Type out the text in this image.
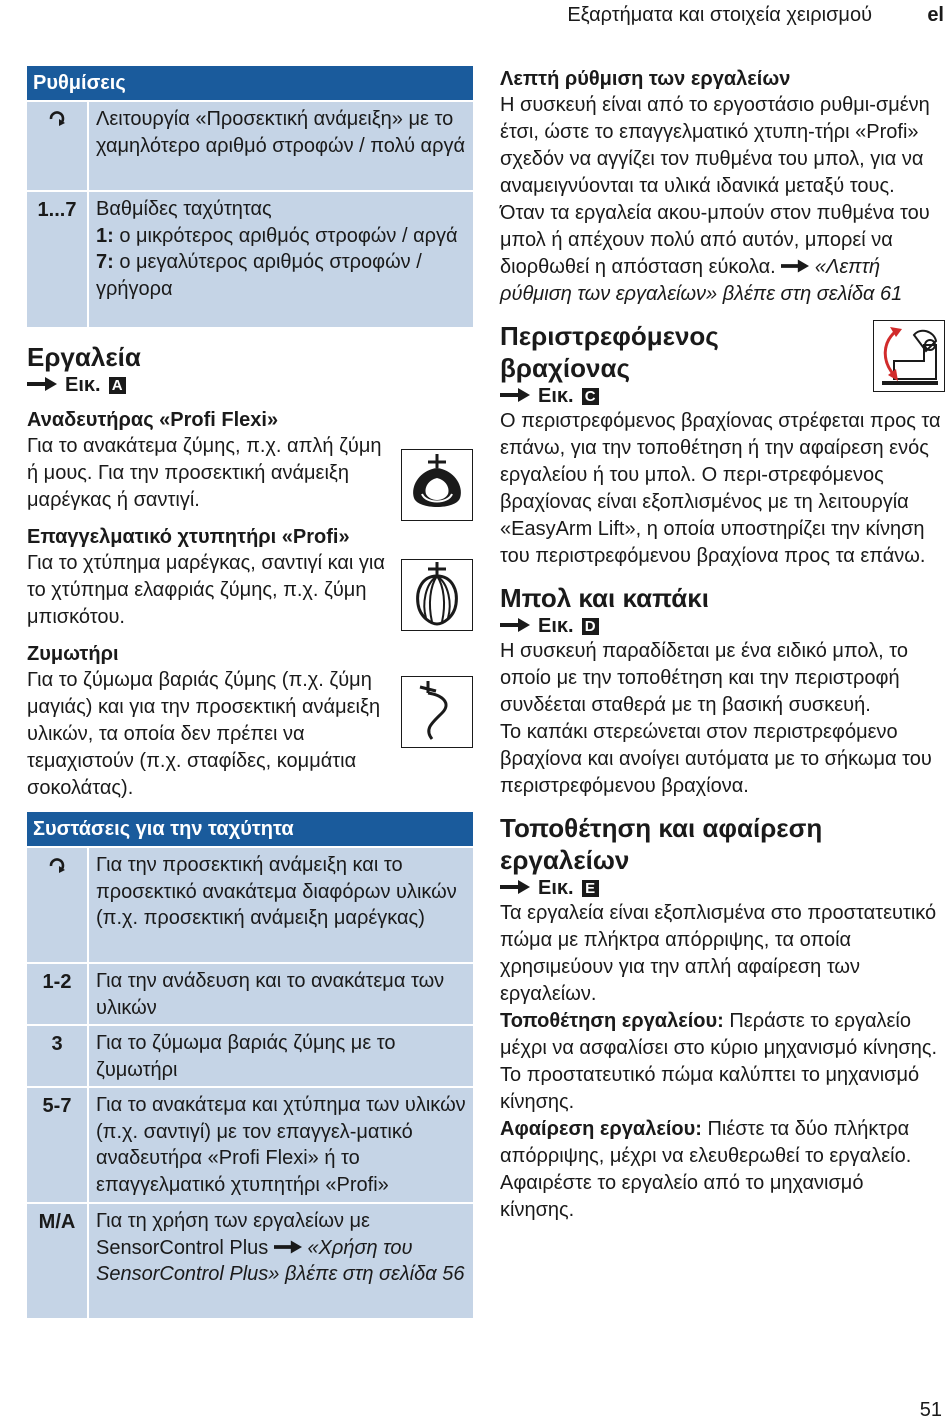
Εξαρτήματα και στοιχεία χειρισμού	el
Ρυθμίσεις
Λειτουργία «Προσεκτική ανάμειξη» με το χαμηλότερο αριθμό στροφών / πολύ αργά
1...7 Βαθμίδες ταχύτητας
1: ο μικρότερος αριθμός στροφών / αργά
7: ο μεγαλύτερος αριθμός στροφών / γρήγορα
Εργαλεία
Εικ. A
Αναδευτήρας «Profi Flexi»

Για το ανακάτεμα ζύμης, π.χ. απλή ζύμη ή μους. Για την προσεκτική ανάμειξη μαρέγκας ή σαντιγί.

Επαγγελματικό χτυπητήρι «Profi»

Για το χτύπημα μαρέγκας, σαντιγί και για το χτύπημα ελαφριάς ζύμης, π.χ. ζύμη μπισκότου.

Ζυμωτήρι

Για το ζύμωμα βαριάς ζύμης (π.χ. ζύμη μαγιάς) και για την προσεκτική ανάμειξη υλικών, τα οποία δεν πρέπει να τεμαχιστούν (π.χ. σταφίδες, κομμάτια σοκολάτας).

Συστάσεις για την ταχύτητα
Για την προσεκτική ανάμειξη και το προσεκτικό ανακάτεμα διαφόρων υλικών (π.χ. προσεκτική ανάμειξη μαρέγκας)
1-2	Για την ανάδευση και το ανακάτεμα των υλικών
3	Για το ζύμωμα βαριάς ζύμης με το ζυμωτήρι
5-7	Για το ανακάτεμα και χτύπημα των υλικών (π.χ. σαντιγί) με τον επαγγελ-ματικό αναδευτήρα «Profi Flexi» ή το επαγγελματικό χτυπητήρι «Profi»
M/A	Για τη χρήση των εργαλείων με SensorControl Plus  «Χρήση του SensorControl Plus» βλέπε στη σελίδα 56
Λεπτή ρύθμιση των εργαλείων

Η συσκευή είναι από το εργοστάσιο ρυθμι-σμένη έτσι, ώστε το επαγγελματικό χτυπη-τήρι «Profi» σχεδόν να αγγίζει τον πυθμένα του μπολ, για να αναμειγνύονται τα υλικά ιδανικά μεταξύ τους. Όταν τα εργαλεία ακου-μπούν στον πυθμένα του μπολ ή απέχουν πολύ από αυτόν, μπορεί να διορθωθεί η απόσταση εύκολα.  «Λεπτή ρύθμιση των εργαλείων» βλέπε στη σελίδα 61

Περιστρεφόμενος βραχίονας
Εικ. C

Ο περιστρεφόμενος βραχίονας στρέφεται προς τα επάνω, για την τοποθέτηση ή την αφαίρεση ενός εργαλείου ή του μπολ. Ο περι-στρεφόμενος βραχίονας είναι εξοπλισμένος με τη λειτουργία «EasyArm Lift», η οποία υποστηρίζει την κίνηση του περιστρεφόμενου βραχίονα προς τα επάνω.

Μπολ και καπάκι
Εικ. D

Η συσκευή παραδίδεται με ένα ειδικό μπολ, το οποίο με την τοποθέτηση και την περιστροφή συνδέεται σταθερά με τη βασική συσκευή.

Το καπάκι στερεώνεται στον περιστρεφόμενο βραχίονα και ανοίγει αυτόματα με το σήκωμα του περιστρεφόμενου βραχίονα.

Τοποθέτηση και αφαίρεση εργαλείων
Εικ. E

Τα εργαλεία είναι εξοπλισμένα στο προστατευτικό πώμα με πλήκτρα απόρριψης, τα οποία χρησιμεύουν για την απλή αφαίρεση των εργαλείων.

Τοποθέτηση εργαλείου: Περάστε το εργαλείο μέχρι να ασφαλίσει στο κύριο μηχανισμό κίνησης. Το προστατευτικό πώμα καλύπτει το μηχανισμό κίνησης.

Αφαίρεση εργαλείου: Πιέστε τα δύο πλήκτρα απόρριψης, μέχρι να ελευθερωθεί το εργαλείο. Αφαιρέστε το εργαλείο από το μηχανισμό κίνησης.

51
